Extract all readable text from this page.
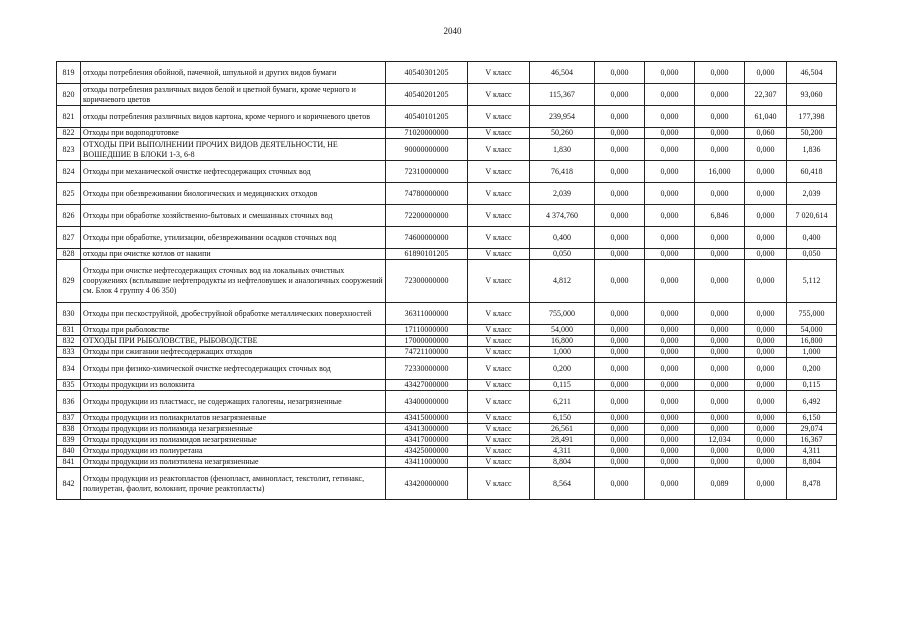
2040
819	отходы потребления обойной, пачечной, шпульной и других видов бумаги	40540301205	V класс	46,504	0,000	0,000	0,000	0,000	46,504
820	отходы потребления различных видов белой и цветной бумаги, кроме черного и коричневого цветов	40540201205	V класс	115,367	0,000	0,000	0,000	22,307	93,060
821	отходы потребления различных видов картона, кроме черного и коричневого цветов	40540101205	V класс	239,954	0,000	0,000	0,000	61,040	177,398
822	Отходы при водоподготовке	71020000000	V класс	50,260	0,000	0,000	0,000	0,060	50,200
823	ОТХОДЫ ПРИ ВЫПОЛНЕНИИ ПРОЧИХ ВИДОВ ДЕЯТЕЛЬНОСТИ, НЕ ВОШЕДШИЕ В БЛОКИ 1-3, 6-8	90000000000	V класс	1,830	0,000	0,000	0,000	0,000	1,836
824	Отходы при механической очистке нефтесодержащих сточных вод	72310000000	V класс	76,418	0,000	0,000	16,000	0,000	60,418
825	Отходы при обезвреживании биологических и медицинских отходов	74780000000	V класс	2,039	0,000	0,000	0,000	0,000	2,039
826	Отходы при обработке хозяйственно-бытовых и смешанных сточных вод	72200000000	V класс	4 374,760	0,000	0,000	6,846	0,000	7 020,614
827	Отходы при обработке, утилизации, обезвреживании осадков сточных вод	74600000000	V класс	0,400	0,000	0,000	0,000	0,000	0,400
828	отходы при очистке котлов от накипи	61890101205	V класс	0,050	0,000	0,000	0,000	0,000	0,050
829	Отходы при очистке нефтесодержащих сточных вод на локальных очистных сооружениях (всплывшие нефтепродукты из нефтеловушек и аналогичных сооружений см. Блок 4 группу 4 06 350)	72300000000	V класс	4,812	0,000	0,000	0,000	0,000	5,112
830	Отходы при пескоструйной, дробеструйной обработке металлических поверхностей	36311000000	V класс	755,000	0,000	0,000	0,000	0,000	755,000
831	Отходы при рыболовстве	17110000000	V класс	54,000	0,000	0,000	0,000	0,000	54,000
832	ОТХОДЫ ПРИ РЫБОЛОВСТВЕ, РЫБОВОДСТВЕ	17000000000	V класс	16,800	0,000	0,000	0,000	0,000	16,800
833	Отходы при сжигании нефтесодержащих отходов	74721100000	V класс	1,000	0,000	0,000	0,000	0,000	1,000
834	Отходы при физико-химической очистке нефтесодержащих сточных вод	72330000000	V класс	0,200	0,000	0,000	0,000	0,000	0,200
835	Отходы продукции из волокнита	43427000000	V класс	0,115	0,000	0,000	0,000	0,000	0,115
836	Отходы продукции из пластмасс, не содержащих галогены, незагрязненные	43400000000	V класс	6,211	0,000	0,000	0,000	0,000	6,492
837	Отходы продукции из полиакрилатов незагрязненные	43415000000	V класс	6,150	0,000	0,000	0,000	0,000	6,150
838	Отходы продукции из полиамида незагрязненные	43413000000	V класс	26,561	0,000	0,000	0,000	0,000	29,074
839	Отходы продукции из полиамидов незагрязненные	43417000000	V класс	28,491	0,000	0,000	12,034	0,000	16,367
840	Отходы продукции из полиуретана	43425000000	V класс	4,311	0,000	0,000	0,000	0,000	4,311
841	Отходы продукции из полиэтилена незагрязненные	43411000000	V класс	8,804	0,000	0,000	0,000	0,000	8,804
842	Отходы продукции из реактопластов (фенопласт, аминопласт, текстолит, гетинакс, полиуретан, фаолит, волокнит, прочие реактопласты)	43420000000	V класс	8,564	0,000	0,000	0,089	0,000	8,478
